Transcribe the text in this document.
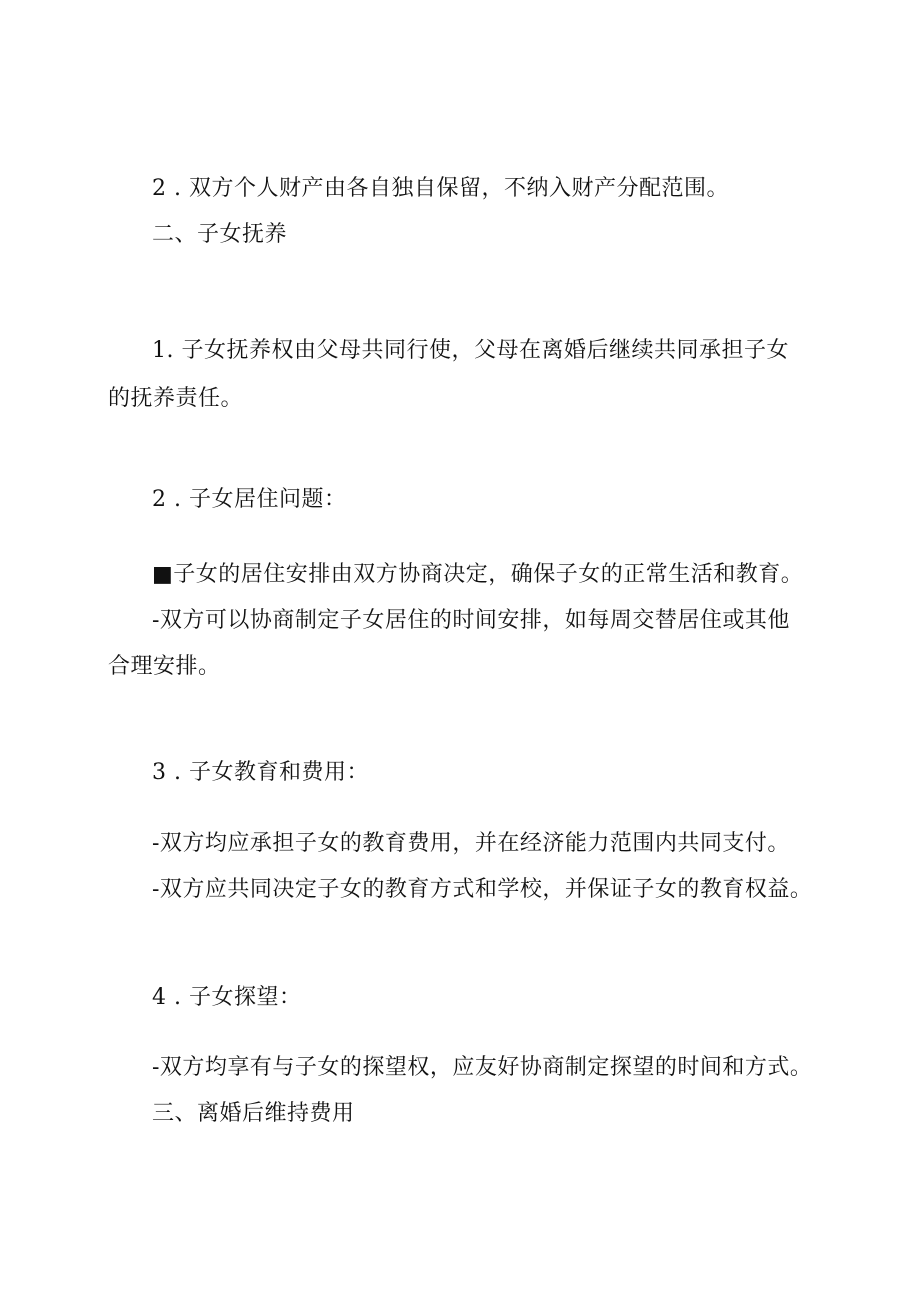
2 . 双方个人财产由各自独自保留，不纳入财产分配范围。
二、子女抚养
1. 子女抚养权由父母共同行使，父母在离婚后继续共同承担子女
的抚养责任。
2 . 子女居住问题：
■子女的居住安排由双方协商决定，确保子女的正常生活和教育。
-双方可以协商制定子女居住的时间安排，如每周交替居住或其他
合理安排。
3 . 子女教育和费用：
-双方均应承担子女的教育费用，并在经济能力范围内共同支付。
-双方应共同决定子女的教育方式和学校，并保证子女的教育权益。
4 . 子女探望：
-双方均享有与子女的探望权，应友好协商制定探望的时间和方式。
三、离婚后维持费用
